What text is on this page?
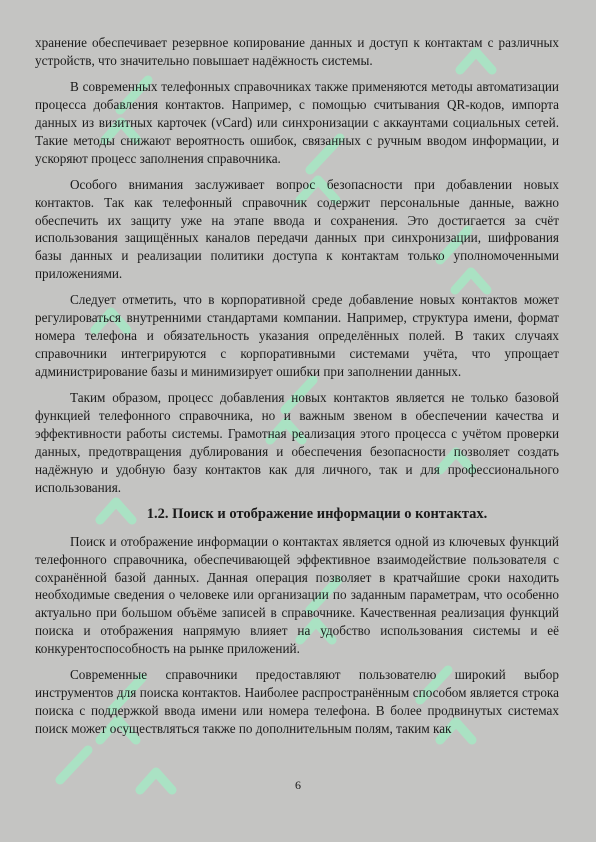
хранение обеспечивает резервное копирование данных и доступ к контактам с различных устройств, что значительно повышает надёжность системы.

В современных телефонных справочниках также применяются методы автоматизации процесса добавления контактов. Например, с помощью считывания QR-кодов, импорта данных из визитных карточек (vCard) или синхронизации с аккаунтами социальных сетей. Такие методы снижают вероятность ошибок, связанных с ручным вводом информации, и ускоряют процесс заполнения справочника.

Особого внимания заслуживает вопрос безопасности при добавлении новых контактов. Так как телефонный справочник содержит персональные данные, важно обеспечить их защиту уже на этапе ввода и сохранения. Это достигается за счёт использования защищённых каналов передачи данных при синхронизации, шифрования базы данных и реализации политики доступа к контактам только уполномоченными приложениями.

Следует отметить, что в корпоративной среде добавление новых контактов может регулироваться внутренними стандартами компании. Например, структура имени, формат номера телефона и обязательность указания определённых полей. В таких случаях справочники интегрируются с корпоративными системами учёта, что упрощает администрирование базы и минимизирует ошибки при заполнении данных.

Таким образом, процесс добавления новых контактов является не только базовой функцией телефонного справочника, но и важным звеном в обеспечении качества и эффективности работы системы. Грамотная реализация этого процесса с учётом проверки данных, предотвращения дублирования и обеспечения безопасности позволяет создать надёжную и удобную базу контактов как для личного, так и для профессионального использования.

1.2. Поиск и отображение информации о контактах.

Поиск и отображение информации о контактах является одной из ключевых функций телефонного справочника, обеспечивающей эффективное взаимодействие пользователя с сохранённой базой данных. Данная операция позволяет в кратчайшие сроки находить необходимые сведения о человеке или организации по заданным параметрам, что особенно актуально при большом объёме записей в справочнике. Качественная реализация функций поиска и отображения напрямую влияет на удобство использования системы и её конкурентоспособность на рынке приложений.

Современные справочники предоставляют пользователю широкий выбор инструментов для поиска контактов. Наиболее распространённым способом является строка поиска с поддержкой ввода имени или номера телефона. В более продвинутых системах поиск может осуществляться также по дополнительным полям, таким как

6
